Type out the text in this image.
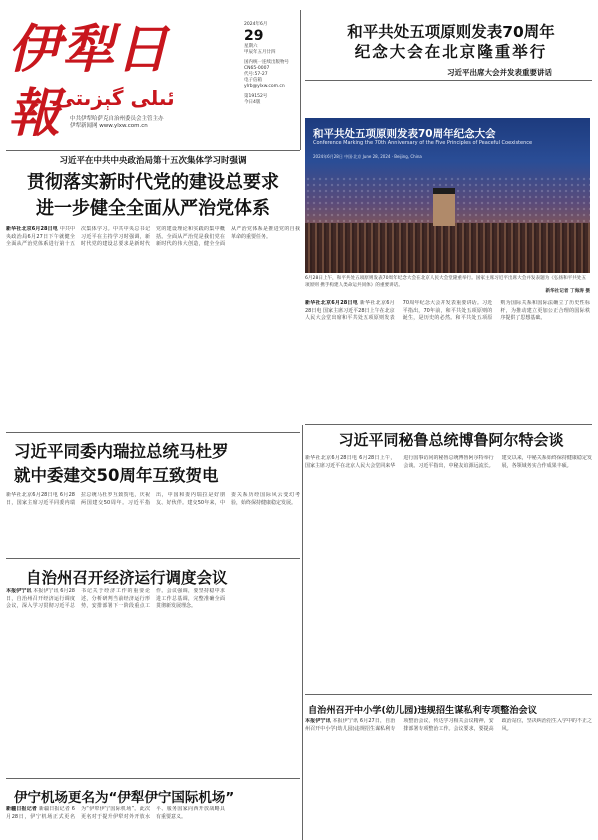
伊犁日報
ئىلى گېزىتى
中共伊犁哈萨克自治州委员会主管主办
伊犁新闻网 www.ylxw.com.cn
2024年6月
29
星期六
甲辰年五月廿四
国内统一连续出版物号
CN65-0007
代号:57-27
电子信箱
ylrb@ylxw.com.cn
第19152号
今日4版
和平共处五项原则发表70周年
纪念大会在北京隆重举行
习近平出席大会并发表重要讲话
和平共处五项原则发表70周年纪念大会
Conference Marking the 70th Anniversary of the Five Principles of Peaceful Coexistence
2024年6月28日 中国·北京 June 28, 2024 · Beijing, China
6月28日上午，和平共处五项原则发表70周年纪念大会在北京人民大会堂隆重举行。国家主席习近平出席大会并发表题为《弘扬和平共处五项原则 携手构建人类命运共同体》的重要讲话。
新华社记者 丁海涛 摄
新华社北京6月28日电 新华社北京6月28日电 国家主席习近平28日上午在北京人民大会堂出席和平共处五项原则发表70周年纪念大会并发表重要讲话。习近平指出，70年前，和平共处五项原则的诞生，是历史的必然。和平共处五项原则为国际关系和国际法确立了历史性标杆，为推动建立更加公正合理的国际秩序提供了思想基础。
习近平在中共中央政治局第十五次集体学习时强调
贯彻落实新时代党的建设总要求
进一步健全全面从严治党体系
新华社北京6月28日电 中共中央政治局6月27日下午就健全全面从严治党体系进行第十五次集体学习。中共中央总书记习近平在主持学习时强调，新时代党的建设总要求是新时代党的建设理论和实践的集中概括。全面从严治党是我们党在新时代的伟大创造，健全全面从严治党体系是推进党的自我革命的重要任务。
习近平同委内瑞拉总统马杜罗
就中委建交50周年互致贺电
新华社北京6月28日电 6月28日，国家主席习近平同委内瑞拉总统马杜罗互致贺电，庆祝两国建交50周年。习近平指出，中国和委内瑞拉是好朋友、好伙伴。建交50年来，中委关系历经国际风云变幻考验，始终保持健康稳定发展。
习近平同秘鲁总统博鲁阿尔特会谈
新华社北京6月28日电 6月28日上午，国家主席习近平在北京人民大会堂同来华进行国事访问的秘鲁总统博鲁阿尔特举行会谈。习近平指出，中秘友谊源远流长。建交以来，中秘关系始终保持健康稳定发展，各领域务实合作成果丰硕。
自治州召开经济运行调度会议
本报伊宁讯 本报伊宁讯 6月28日，自治州召开经济运行调度会议，深入学习贯彻习近平总书记关于经济工作的重要论述，分析研判当前经济运行形势，安排部署下一阶段重点工作。会议强调，要坚持稳中求进工作总基调，完整准确全面贯彻新发展理念。
自治州召开中小学(幼儿园)违规招生谋私利专项整治会议
本报伊宁讯 本报伊宁讯 6月27日，自治州召开中小学(幼儿园)违规招生谋私利专项整治会议，传达学习相关会议精神，安排部署专项整治工作。会议要求，要提高政治站位，坚决纠治招生入学中的不正之风。
伊宁机场更名为“伊犁伊宁国际机场”
新疆日报记者 新疆日报记者 6月28日，伊宁机场正式更名为“伊犁伊宁国际机场”。此次更名对于提升伊犁对外开放水平、服务国家向西开放战略具有重要意义。
